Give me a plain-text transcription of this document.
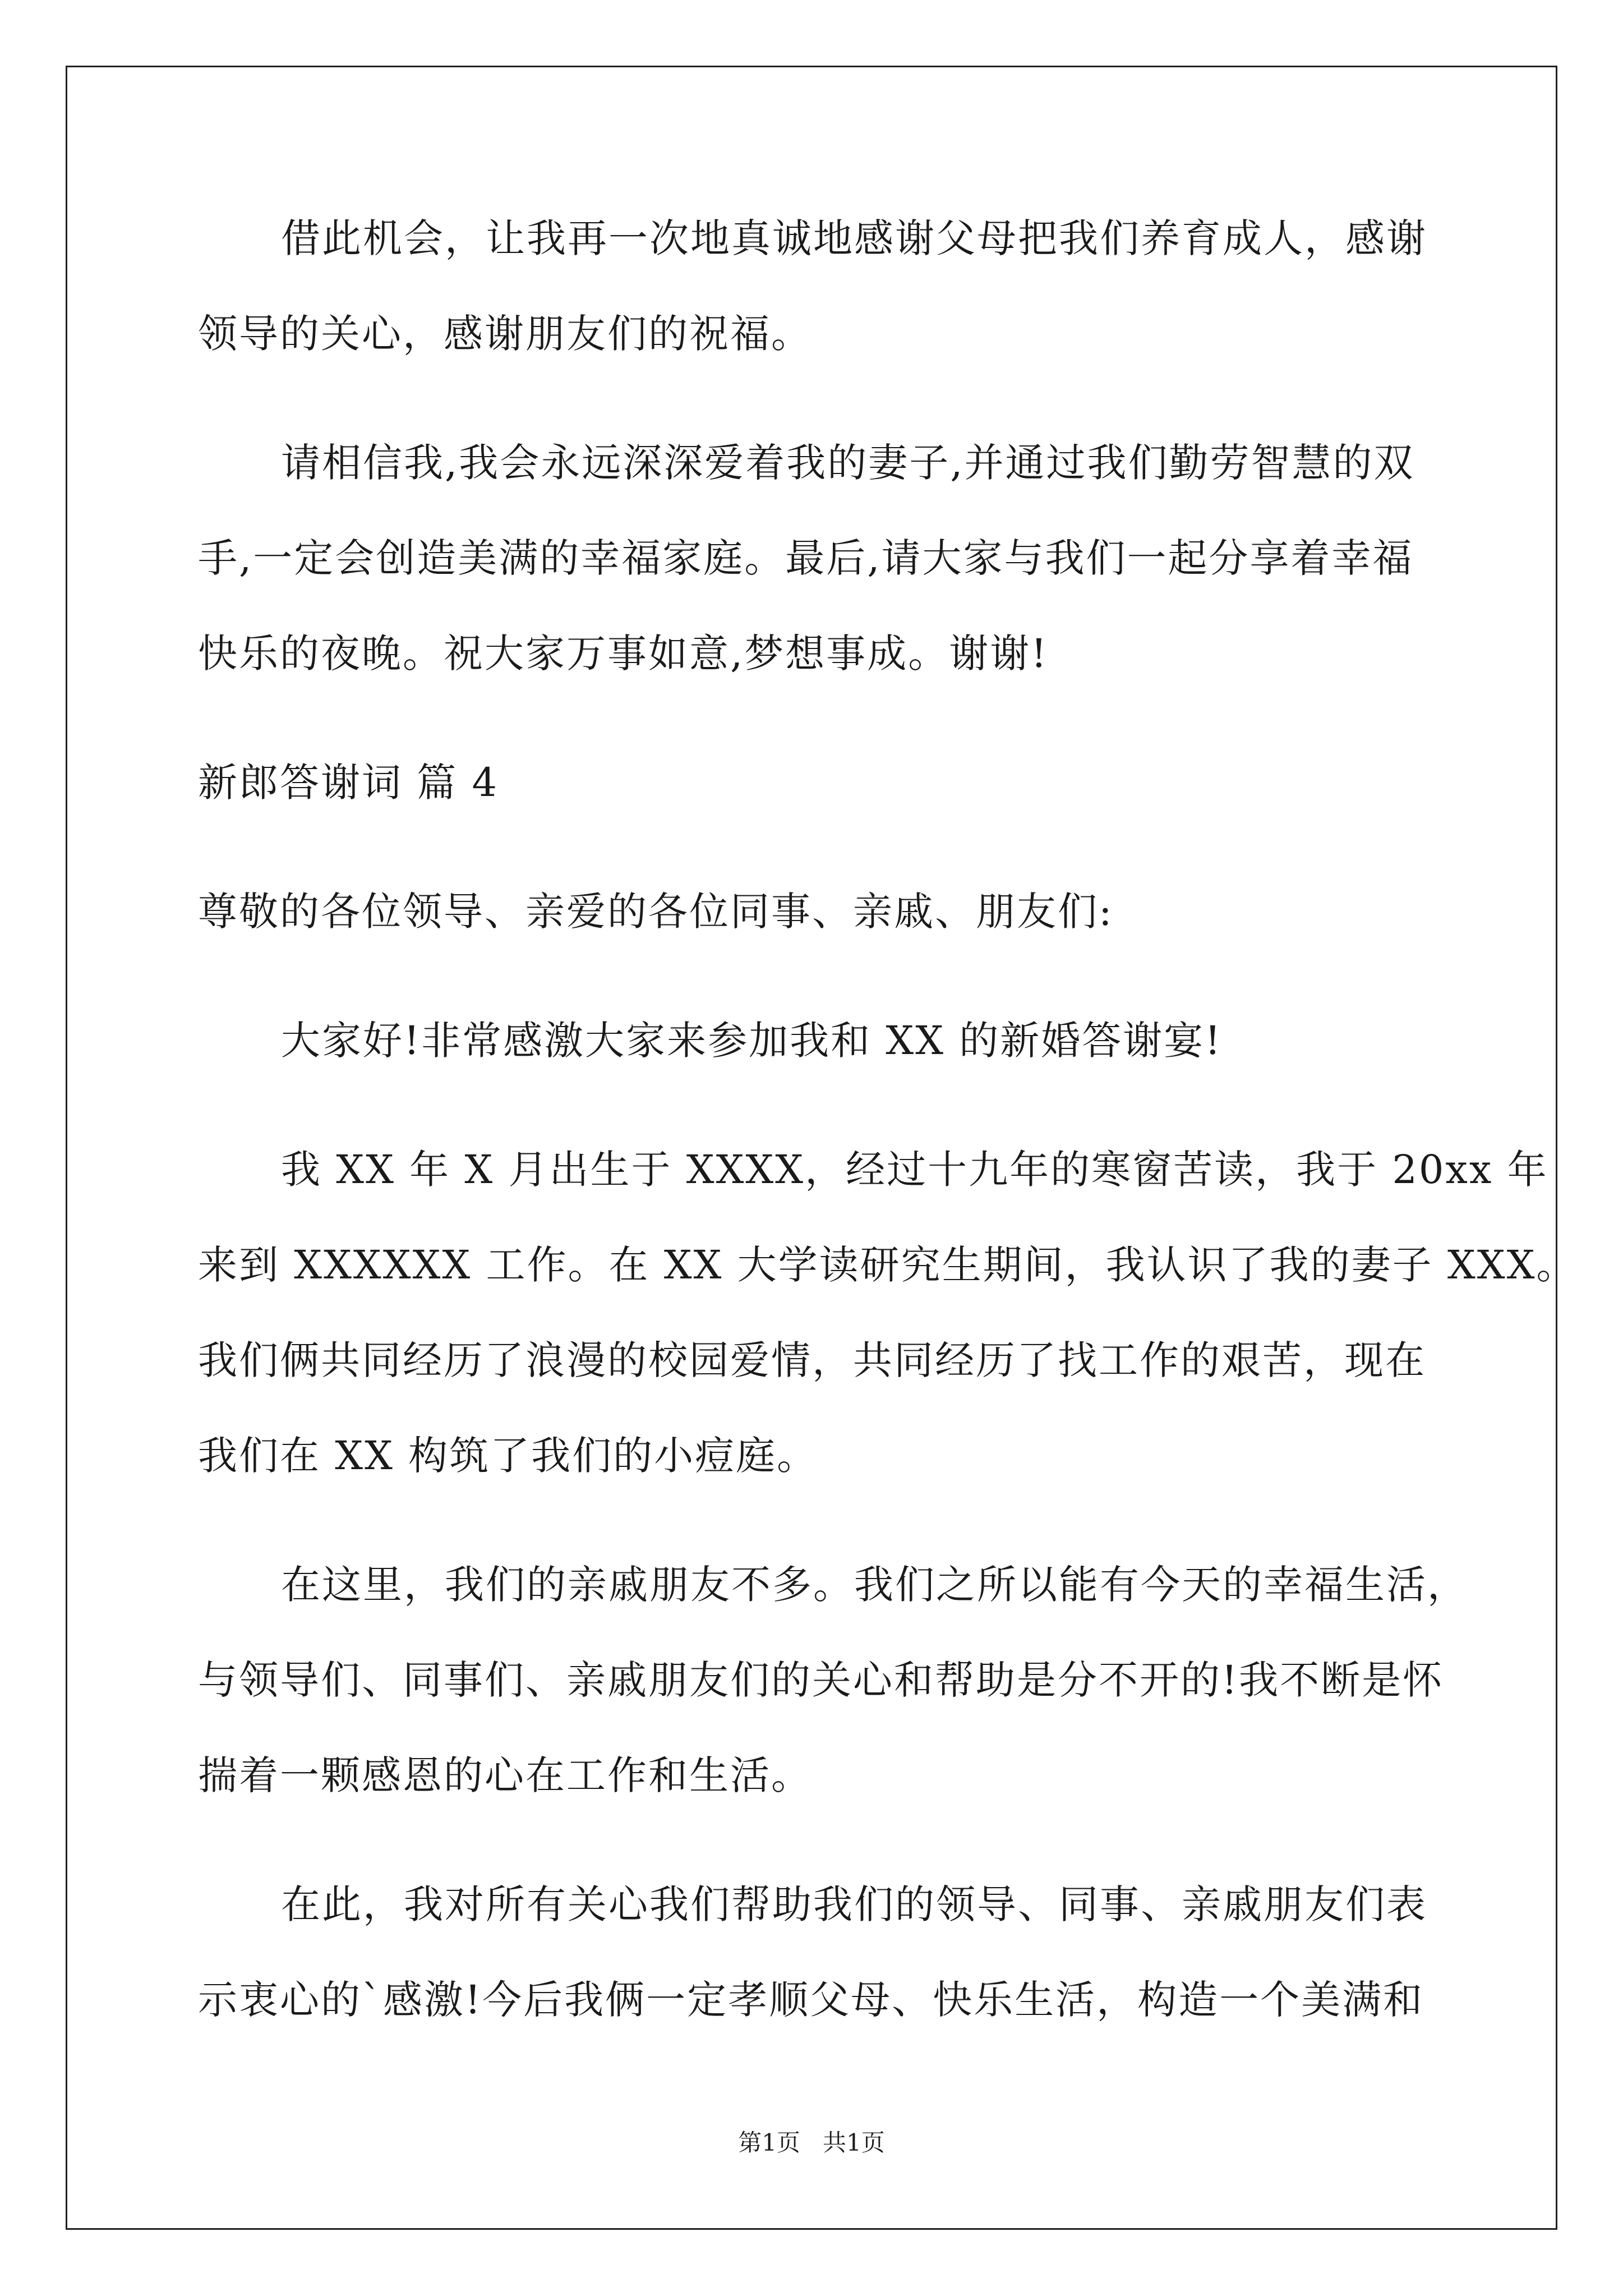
借此机会，让我再一次地真诚地感谢父母把我们养育成人，感谢
领导的关心，感谢朋友们的祝福。
请相信我,我会永远深深爱着我的妻子,并通过我们勤劳智慧的双
手,一定会创造美满的幸福家庭。最后,请大家与我们一起分享着幸福
快乐的夜晚。祝大家万事如意,梦想事成。谢谢!
新郎答谢词 篇 4
尊敬的各位领导、亲爱的各位同事、亲戚、朋友们:
大家好!非常感激大家来参加我和 XX 的新婚答谢宴!
我 XX 年 X 月出生于 XXXX，经过十九年的寒窗苦读，我于 20xx 年
来到 XXXXXX 工作。在 XX 大学读研究生期间，我认识了我的妻子 XXX。
我们俩共同经历了浪漫的校园爱情，共同经历了找工作的艰苦，现在
我们在 XX 构筑了我们的小痘庭。
在这里，我们的亲戚朋友不多。我们之所以能有今天的幸福生活，
与领导们、同事们、亲戚朋友们的关心和帮助是分不开的!我不断是怀
揣着一颗感恩的心在工作和生活。
在此，我对所有关心我们帮助我们的领导、同事、亲戚朋友们表
示衷心的`感激!今后我俩一定孝顺父母、快乐生活，构造一个美满和
第1页   共1页
